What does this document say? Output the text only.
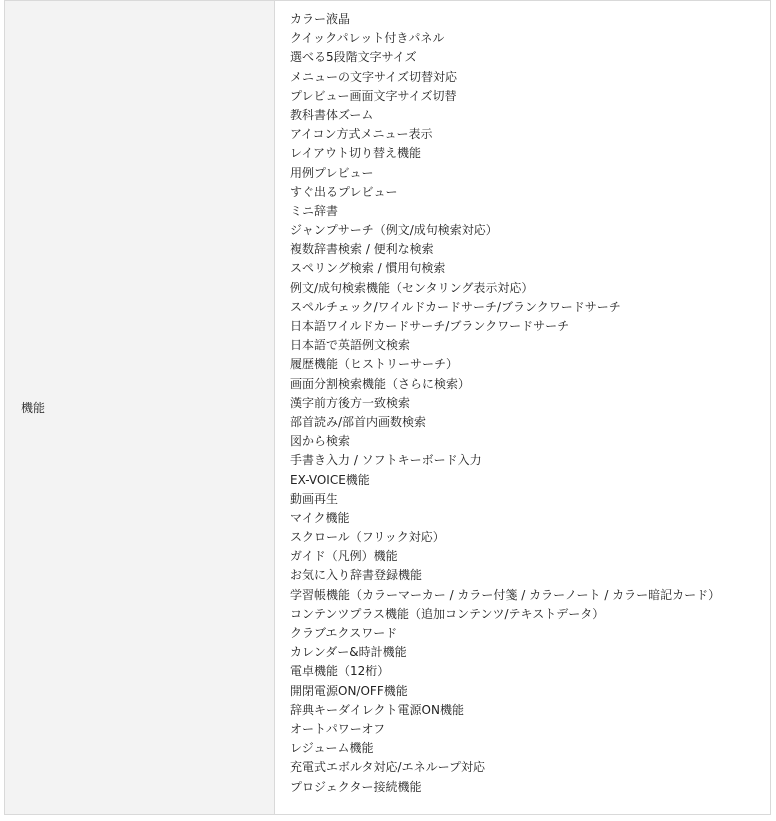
機能
カラー液晶
クイックパレット付きパネル
選べる5段階文字サイズ
メニューの文字サイズ切替対応
プレビュー画面文字サイズ切替
教科書体ズーム
アイコン方式メニュー表示
レイアウト切り替え機能
用例プレビュー
すぐ出るプレビュー
ミニ辞書
ジャンプサーチ（例文/成句検索対応）
複数辞書検索 / 便利な検索
スペリング検索 / 慣用句検索
例文/成句検索機能（センタリング表示対応）
スペルチェック/ワイルドカードサーチ/ブランクワードサーチ
日本語ワイルドカードサーチ/ブランクワードサーチ
日本語で英語例文検索
履歴機能（ヒストリーサーチ）
画面分割検索機能（さらに検索）
漢字前方後方一致検索
部首読み/部首内画数検索
図から検索
手書き入力 / ソフトキーボード入力
EX-VOICE機能
動画再生
マイク機能
スクロール（フリック対応）
ガイド（凡例）機能
お気に入り辞書登録機能
学習帳機能（カラーマーカー / カラー付箋 / カラーノート / カラー暗記カード）
コンテンツプラス機能（追加コンテンツ/テキストデータ）
クラブエクスワード
カレンダー&時計機能
電卓機能（12桁）
開閉電源ON/OFF機能
辞典キーダイレクト電源ON機能
オートパワーオフ
レジューム機能
充電式エボルタ対応/エネループ対応
プロジェクター接続機能
